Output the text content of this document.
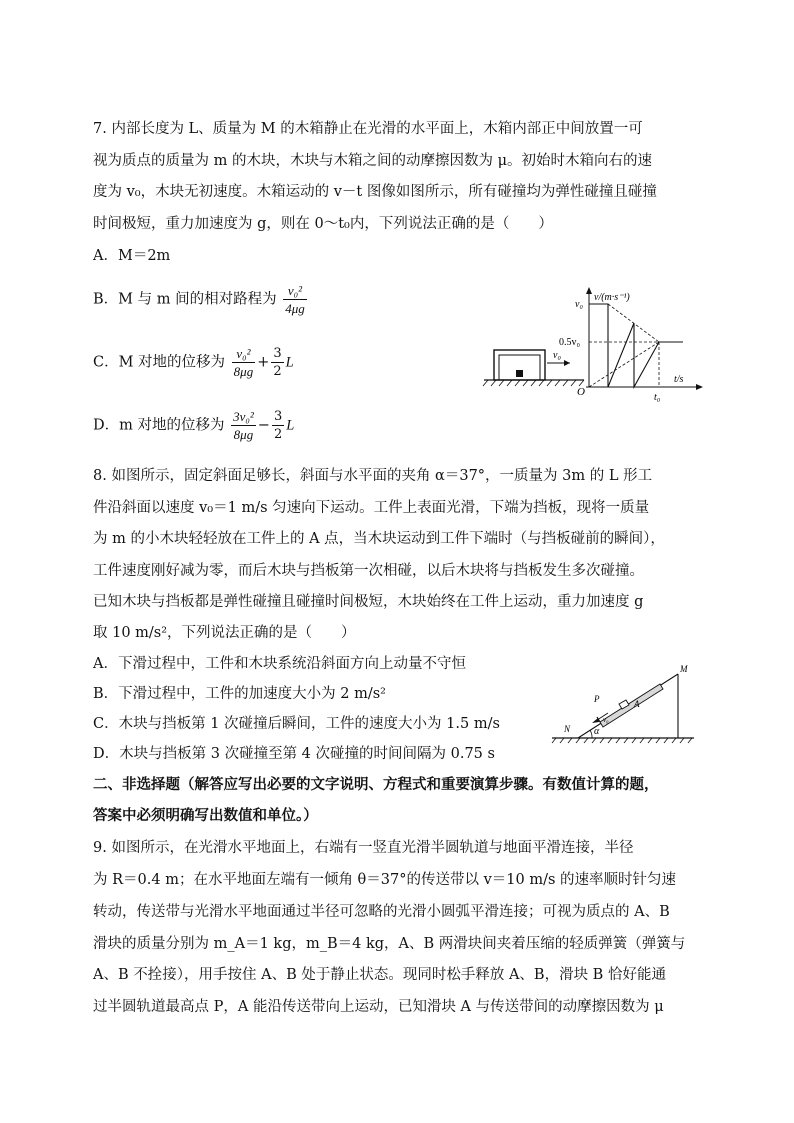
7. 内部长度为 L、质量为 M 的木箱静止在光滑的水平面上，木箱内部正中间放置一可
视为质点的质量为 m 的木块，木块与木箱之间的动摩擦因数为 μ。初始时木箱向右的速
度为 v₀，木块无初速度。木箱运动的 v－t 图像如图所示，所有碰撞均为弹性碰撞且碰撞
时间极短，重力加速度为 g，则在 0～t₀内，下列说法正确的是（　　）
A．M＝2m
B．M 与 m 间的相对路程为 $\frac{\text{v₀²}}{4\mu g}$
C．M 对地的位移为 $\frac{\text{v₀²}}{8\mu g} + \frac{3}{2}$ L
D．m 对地的位移为 $\frac{\text{3v₀²}}{8\mu g} - \frac{3}{2}$ L
v₀
v/(m·s⁻¹)
t/s
v₀
0.5v₀
O	t₀
8. 如图所示，固定斜面足够长，斜面与水平面的夹角 α＝37°，一质量为 3m 的 L 形工
件沿斜面以速度 v₀＝1 m/s 匀速向下运动。工件上表面光滑，下端为挡板，现将一质量
为 m 的小木块轻轻放在工件上的 A 点，当木块运动到工件下端时（与挡板碰前的瞬间），
工件速度刚好减为零，而后木块与挡板第一次相碰，以后木块将与挡板发生多次碰撞。
已知木块与挡板都是弹性碰撞且碰撞时间极短，木块始终在工件上运动，重力加速度 g
取 10 m/s²，下列说法正确的是（　　）
A．下滑过程中，工件和木块系统沿斜面方向上动量不守恒
B．下滑过程中，工件的加速度大小为 2 m/s²
C．木块与挡板第 1 次碰撞后瞬间，工件的速度大小为 1.5 m/s
D．木块与挡板第 3 次碰撞至第 4 次碰撞的时间间隔为 0.75 s
α
M
N
A
P
v₀
二、非选择题（解答应写出必要的文字说明、方程式和重要演算步骤。有数值计算的题，
答案中必须明确写出数值和单位。）
9. 如图所示，在光滑水平地面上，右端有一竖直光滑半圆轨道与地面平滑连接，半径
为 R＝0.4 m；在水平地面左端有一倾角 θ＝37°的传送带以 v＝10 m/s 的速率顺时针匀速
转动，传送带与光滑水平地面通过半径可忽略的光滑小圆弧平滑连接；可视为质点的 A、B
滑块的质量分别为 m_A＝1 kg，m_B＝4 kg，A、B 两滑块间夹着压缩的轻质弹簧（弹簧与
A、B 不拴接），用手按住 A、B 处于静止状态。现同时松手释放 A、B，滑块 B 恰好能通
过半圆轨道最高点 P，A 能沿传送带向上运动，已知滑块 A 与传送带间的动摩擦因数为 μ
